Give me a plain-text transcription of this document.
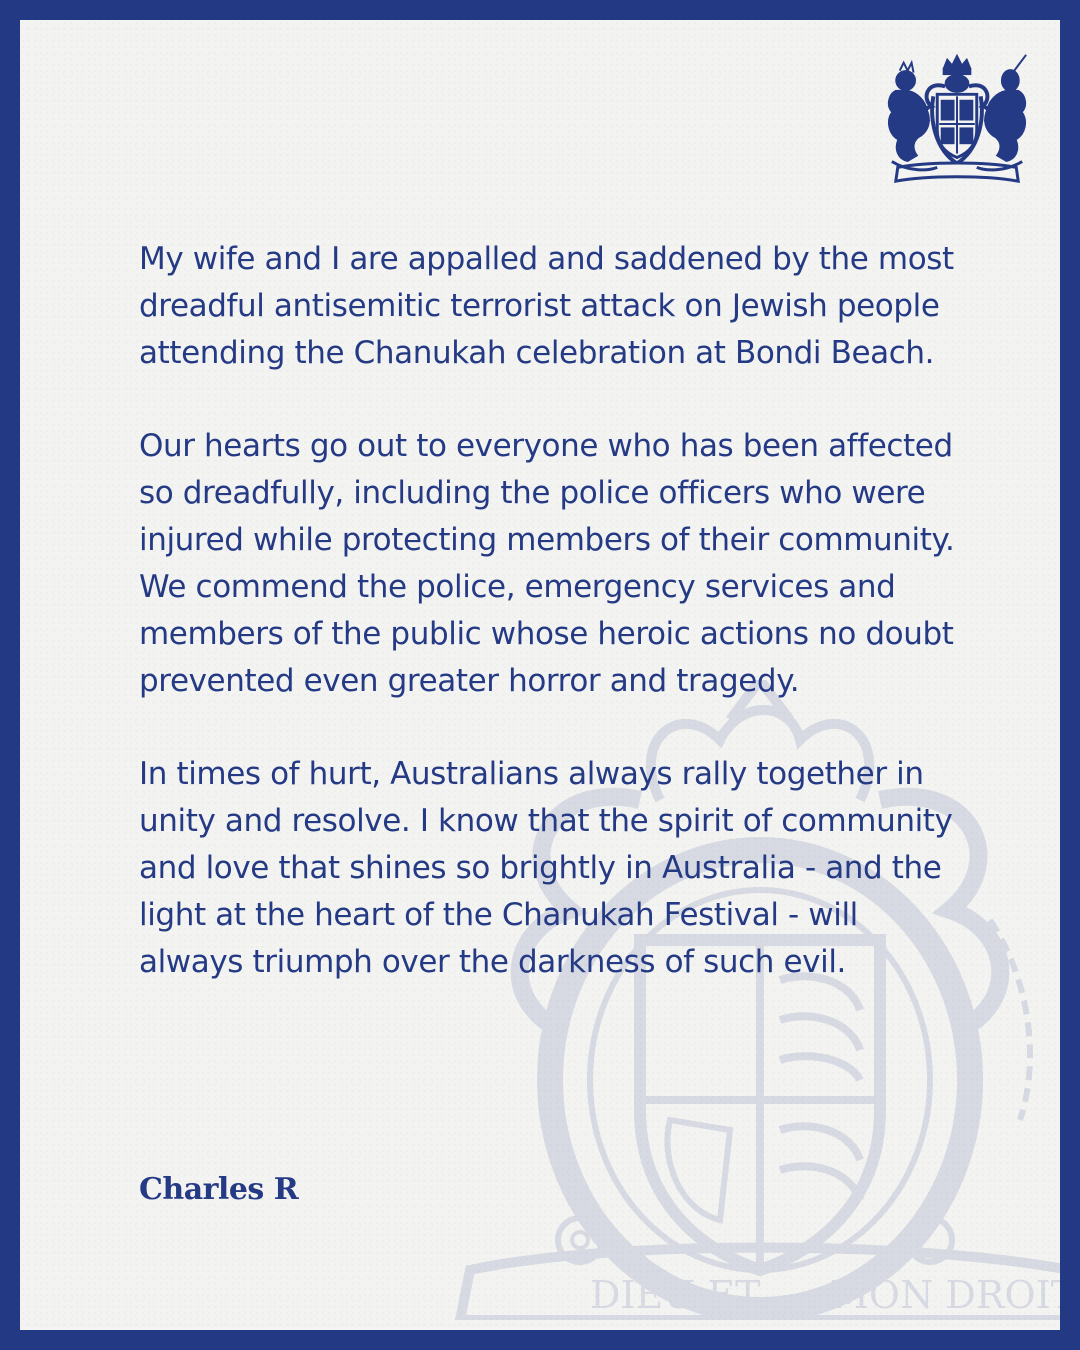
DIEU ET MON DROIT

My wife and I are appalled and saddened by the most dreadful antisemitic terrorist attack on Jewish people attending the Chanukah celebration at Bondi Beach.

Our hearts go out to everyone who has been affected so dreadfully, including the police officers who were injured while protecting members of their community. We commend the police, emergency services and members of the public whose heroic actions no doubt prevented even greater horror and tragedy.

In times of hurt, Australians always rally together in unity and resolve. I know that the spirit of community and love that shines so brightly in Australia - and the light at the heart of the Chanukah Festival - will always triumph over the darkness of such evil.

Charles R
